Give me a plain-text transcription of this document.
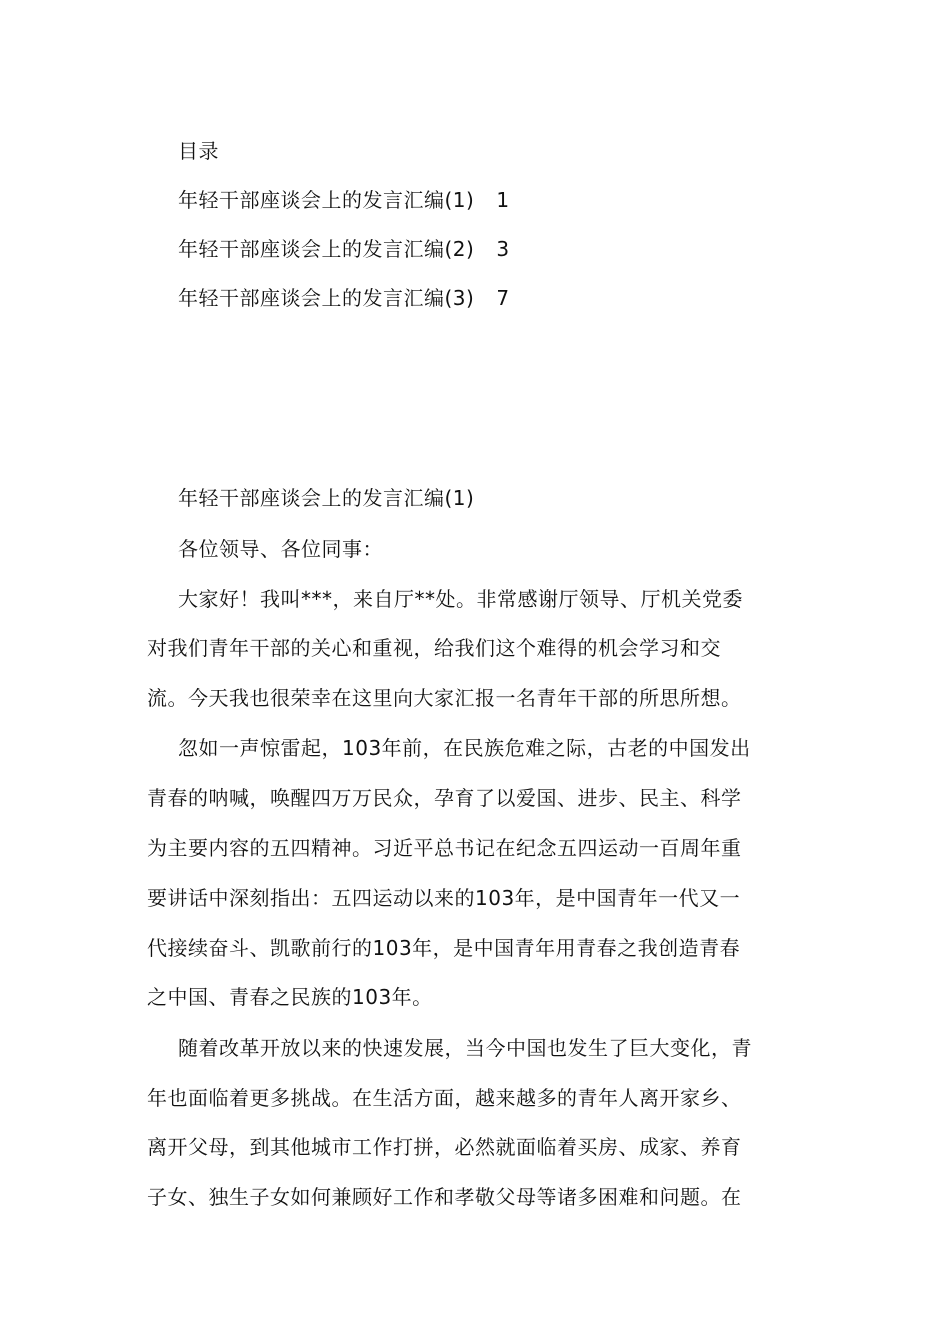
目录
年轻干部座谈会上的发言汇编(1) 1
年轻干部座谈会上的发言汇编(2) 3
年轻干部座谈会上的发言汇编(3) 7
年轻干部座谈会上的发言汇编(1)
各位领导、各位同事：
大家好！我叫***，来自厅**处。非常感谢厅领导、厅机关党委
对我们青年干部的关心和重视，给我们这个难得的机会学习和交
流。今天我也很荣幸在这里向大家汇报一名青年干部的所思所想。
忽如一声惊雷起，103年前，在民族危难之际，古老的中国发出
青春的呐喊，唤醒四万万民众，孕育了以爱国、进步、民主、科学
为主要内容的五四精神。习近平总书记在纪念五四运动一百周年重
要讲话中深刻指出：五四运动以来的103年，是中国青年一代又一
代接续奋斗、凯歌前行的103年，是中国青年用青春之我创造青春
之中国、青春之民族的103年。
随着改革开放以来的快速发展，当今中国也发生了巨大变化，青
年也面临着更多挑战。在生活方面，越来越多的青年人离开家乡、
离开父母，到其他城市工作打拼，必然就面临着买房、成家、养育
子女、独生子女如何兼顾好工作和孝敬父母等诸多困难和问题。在
